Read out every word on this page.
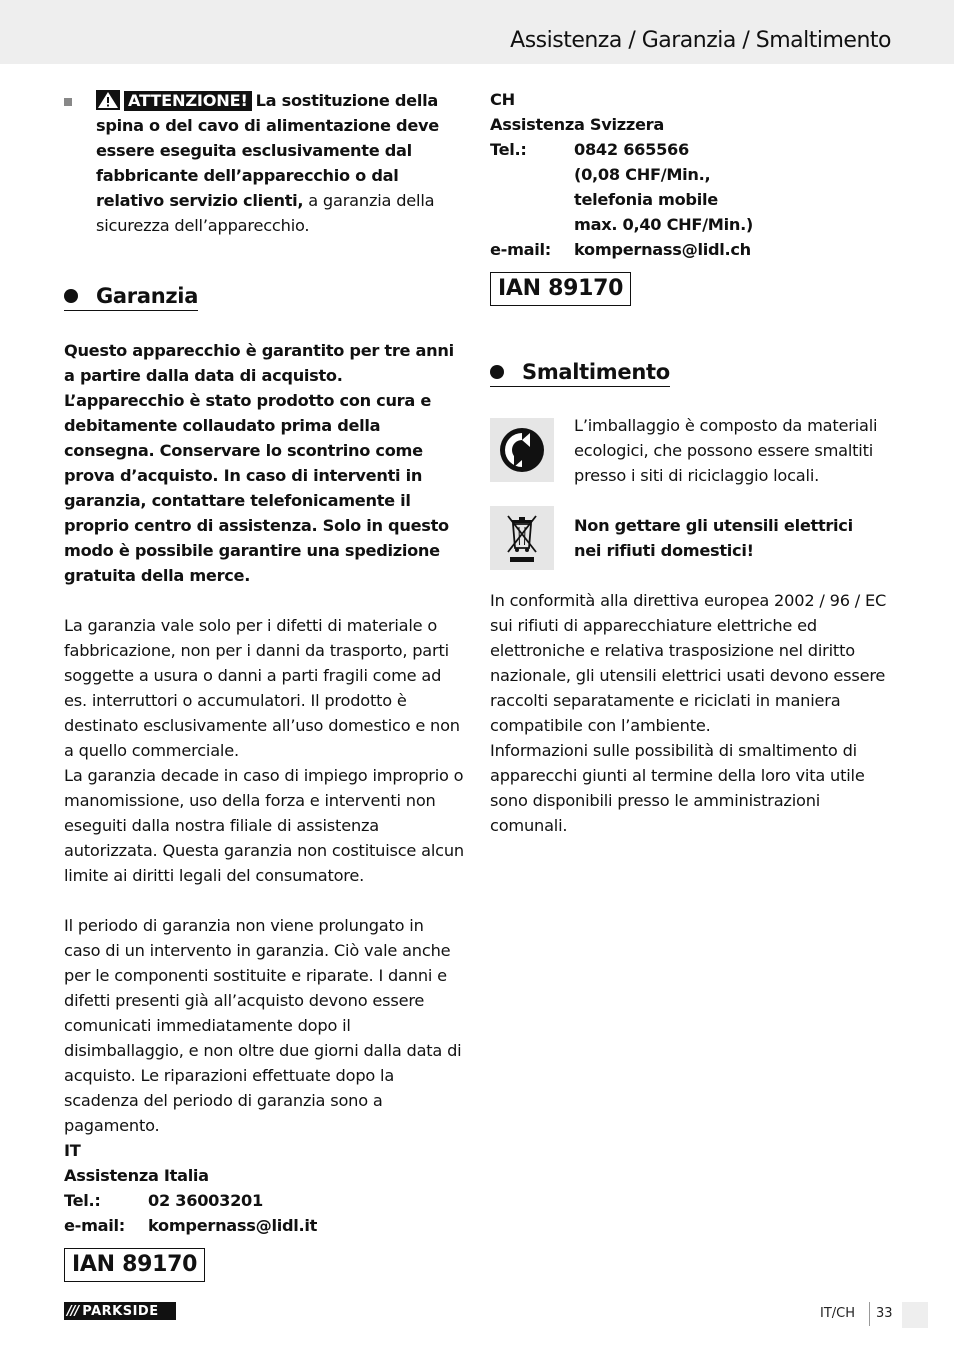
Assistenza / Garanzia / Smaltimento
ATTENZIONE! La sostituzione della spina o del cavo di alimentazione deve essere eseguita esclusivamente dal fabbricante dell’apparecchio o dal relativo servizio clienti, a garanzia della sicurezza dell’apparecchio.
Garanzia
Questo apparecchio è garantito per tre anni a partire dalla data di acquisto. L’apparecchio è stato prodotto con cura e debitamente collaudato prima della consegna. Conservare lo scontrino come prova d’acquisto. In caso di interventi in garanzia, contattare telefonicamente il proprio centro di assistenza. Solo in questo modo è possibile garantire una spedizione gratuita della merce.
La garanzia vale solo per i difetti di materiale o fabbricazione, non per i danni da trasporto, parti soggette a usura o danni a parti fragili come ad es. interruttori o accumulatori. Il prodotto è destinato esclusivamente all’uso domestico e non a quello commerciale.
La garanzia decade in caso di impiego improprio o manomissione, uso della forza e interventi non eseguiti dalla nostra filiale di assistenza autorizzata. Questa garanzia non costituisce alcun limite ai diritti legali del consumatore.
Il periodo di garanzia non viene prolungato in caso di un intervento in garanzia. Ciò vale anche per le componenti sostituite e riparate. I danni e difetti presenti già all’acquisto devono essere comunicati immediatamente dopo il disimballaggio, e non oltre due giorni dalla data di acquisto. Le riparazioni effettuate dopo la scadenza del periodo di garanzia sono a pagamento.
IT
Assistenza Italia
Tel.:	02 36003201
e-mail:	kompernass@lidl.it
IAN 89170
CH
Assistenza Svizzera
Tel.:	0842 665566
(0,08 CHF/Min.,
telefonia mobile
max. 0,40 CHF/Min.)
e-mail:	kompernass@lidl.ch
IAN 89170
Smaltimento
L’imballaggio è composto da materiali ecologici, che possono essere smaltiti presso i siti di riciclaggio locali.
Non gettare gli utensili elettrici nei rifiuti domestici!
In conformità alla direttiva europea 2002 / 96 / EC sui rifiuti di apparecchiature elettriche ed elettroniche e relativa trasposizione nel diritto nazionale, gli utensili elettrici usati devono essere raccolti separatamente e riciclati in maniera compatibile con l’ambiente.
Informazioni sulle possibilità di smaltimento di apparecchi giunti al termine della loro vita utile sono disponibili presso le amministrazioni comunali.
/// PARKSIDE	IT/CH 33
